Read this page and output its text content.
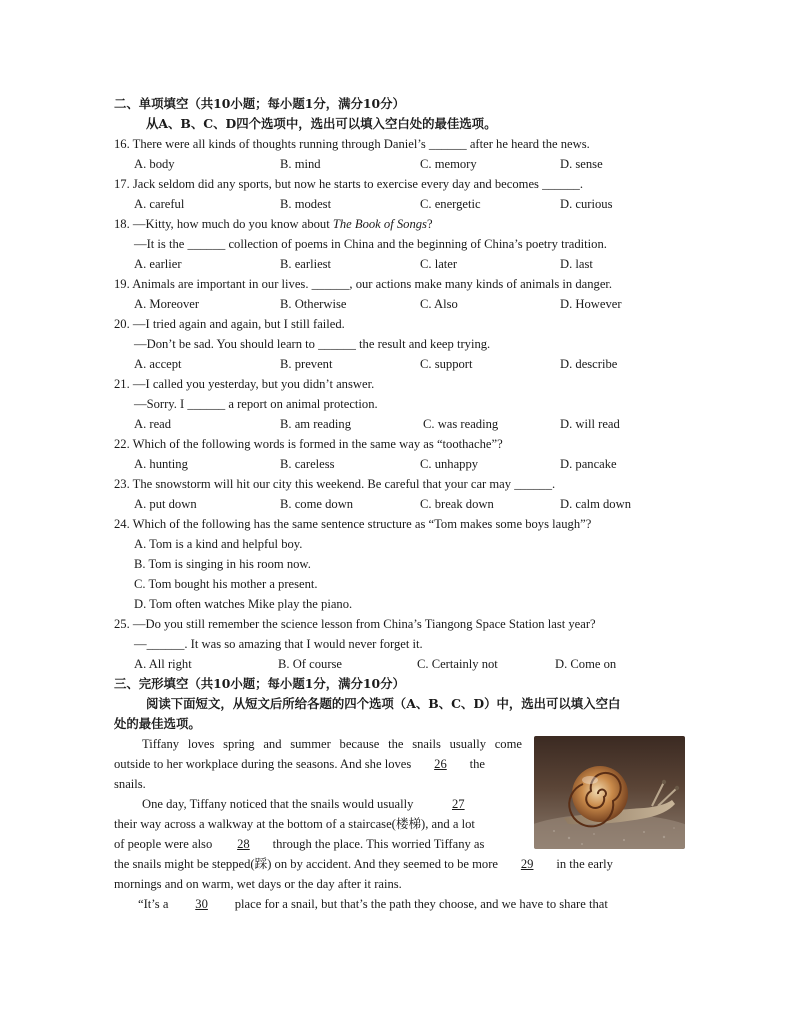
二、单项填空（共10小题；每小题1分，满分10分）
从A、B、C、D四个选项中，选出可以填入空白处的最佳选项。
16. There were all kinds of thoughts running through Daniel’s ______ after he heard the news.
A. body	B. mind	C. memory	D. sense
17. Jack seldom did any sports, but now he starts to exercise every day and becomes ______.
A. careful	B. modest	C. energetic	D. curious
18. —Kitty, how much do you know about The Book of Songs?
—It is the ______ collection of poems in China and the beginning of China’s poetry tradition.
A. earlier	B. earliest	C. later	D. last
19. Animals are important in our lives. ______, our actions make many kinds of animals in danger.
A. Moreover	B. Otherwise	C. Also	D. However
20. —I tried again and again, but I still failed.
—Don’t be sad. You should learn to ______ the result and keep trying.
A. accept	B. prevent	C. support	D. describe
21. —I called you yesterday, but you didn’t answer.
—Sorry. I ______ a report on animal protection.
A. read	B. am reading	C. was reading	D. will read
22. Which of the following words is formed in the same way as “toothache”?
A. hunting	B. careless	C. unhappy	D. pancake
23. The snowstorm will hit our city this weekend. Be careful that your car may ______.
A. put down	B. come down	C. break down	D. calm down
24. Which of the following has the same sentence structure as “Tom makes some boys laugh”?
A. Tom is a kind and helpful boy.
B. Tom is singing in his room now.
C. Tom bought his mother a present.
D. Tom often watches Mike play the piano.
25. —Do you still remember the science lesson from China’s Tiangong Space Station last year?
—______. It was so amazing that I would never forget it.
A. All right	B. Of course	C. Certainly not	D. Come on
三、完形填空（共10小题；每小题1分，满分10分）
阅读下面短文，从短文后所给各题的四个选项（A、B、C、D）中，选出可以填入空白
处的最佳选项。
Tiffany loves spring and summer because the snails usually come
outside to her workplace during the seasons. And she loves 26 the
snails.
One day, Tiffany noticed that the snails would usually	27
their way across a walkway at the bottom of a staircase(楼梯), and a lot
of people were also 28 through the place. This worried Tiffany as
the snails might be stepped(踩) on by accident. And they seemed to be more 29 in the early
mornings and on warm, wet days or the day after it rains.
“It’s a 30 place for a snail, but that’s the path they choose, and we have to share that
